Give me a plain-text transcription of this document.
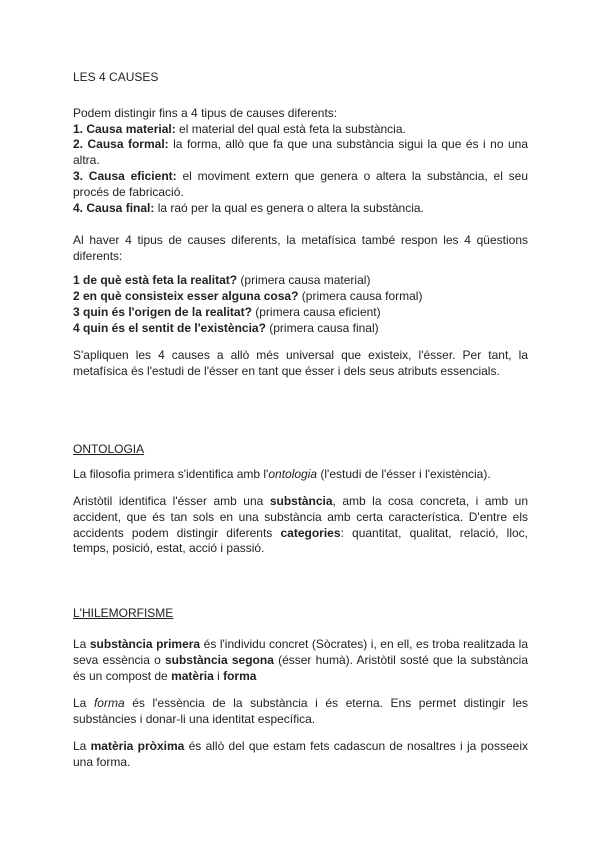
LES 4 CAUSES

Podem distingir fins a 4 tipus de causes diferents:

1. Causa material: el material del qual està feta la substància.

2. Causa formal: la forma, allò que fa que una substància sigui la que és i no una altra.

3. Causa eficient: el moviment extern que genera o altera la substància, el seu procés de fabricació.

4. Causa final: la raó per la qual es genera o altera la substància.

Al haver 4 tipus de causes diferents, la metafísica també respon les 4 qüestions diferents:

1 de què està feta la realitat? (primera causa material)

2 en què consisteix esser alguna cosa? (primera causa formal)

3 quin és l'origen de la realitat? (primera causa eficient)

4 quin és el sentit de l'existència? (primera causa final)

S'apliquen les 4 causes a allò més universal que existeix, l'ésser. Per tant, la metafísica és l'estudi de l'ésser en tant que ésser i dels seus atributs essencials.

ONTOLOGIA

La filosofia primera s'identifica amb l'ontologia (l'estudi de l'ésser i l'existència).

Aristòtil identifica l'ésser amb una substància, amb la cosa concreta, i amb un accident, que és tan sols en una substància amb certa característica. D'entre els accidents podem distingir diferents categories: quantitat, qualitat, relació, lloc, temps, posició, estat, acció i passió.

L'HILEMORFISME

La substància primera és l'individu concret (Sòcrates) i, en ell, es troba realitzada la seva essència o substància segona (ésser humà). Aristòtil sosté que la substància és un compost de matèria i forma

La forma és l'essència de la substància i és eterna. Ens permet distingir les substàncies i donar-li una identitat específica.

La matèria pròxima és allò del que estam fets cadascun de nosaltres i ja posseeix una forma.
